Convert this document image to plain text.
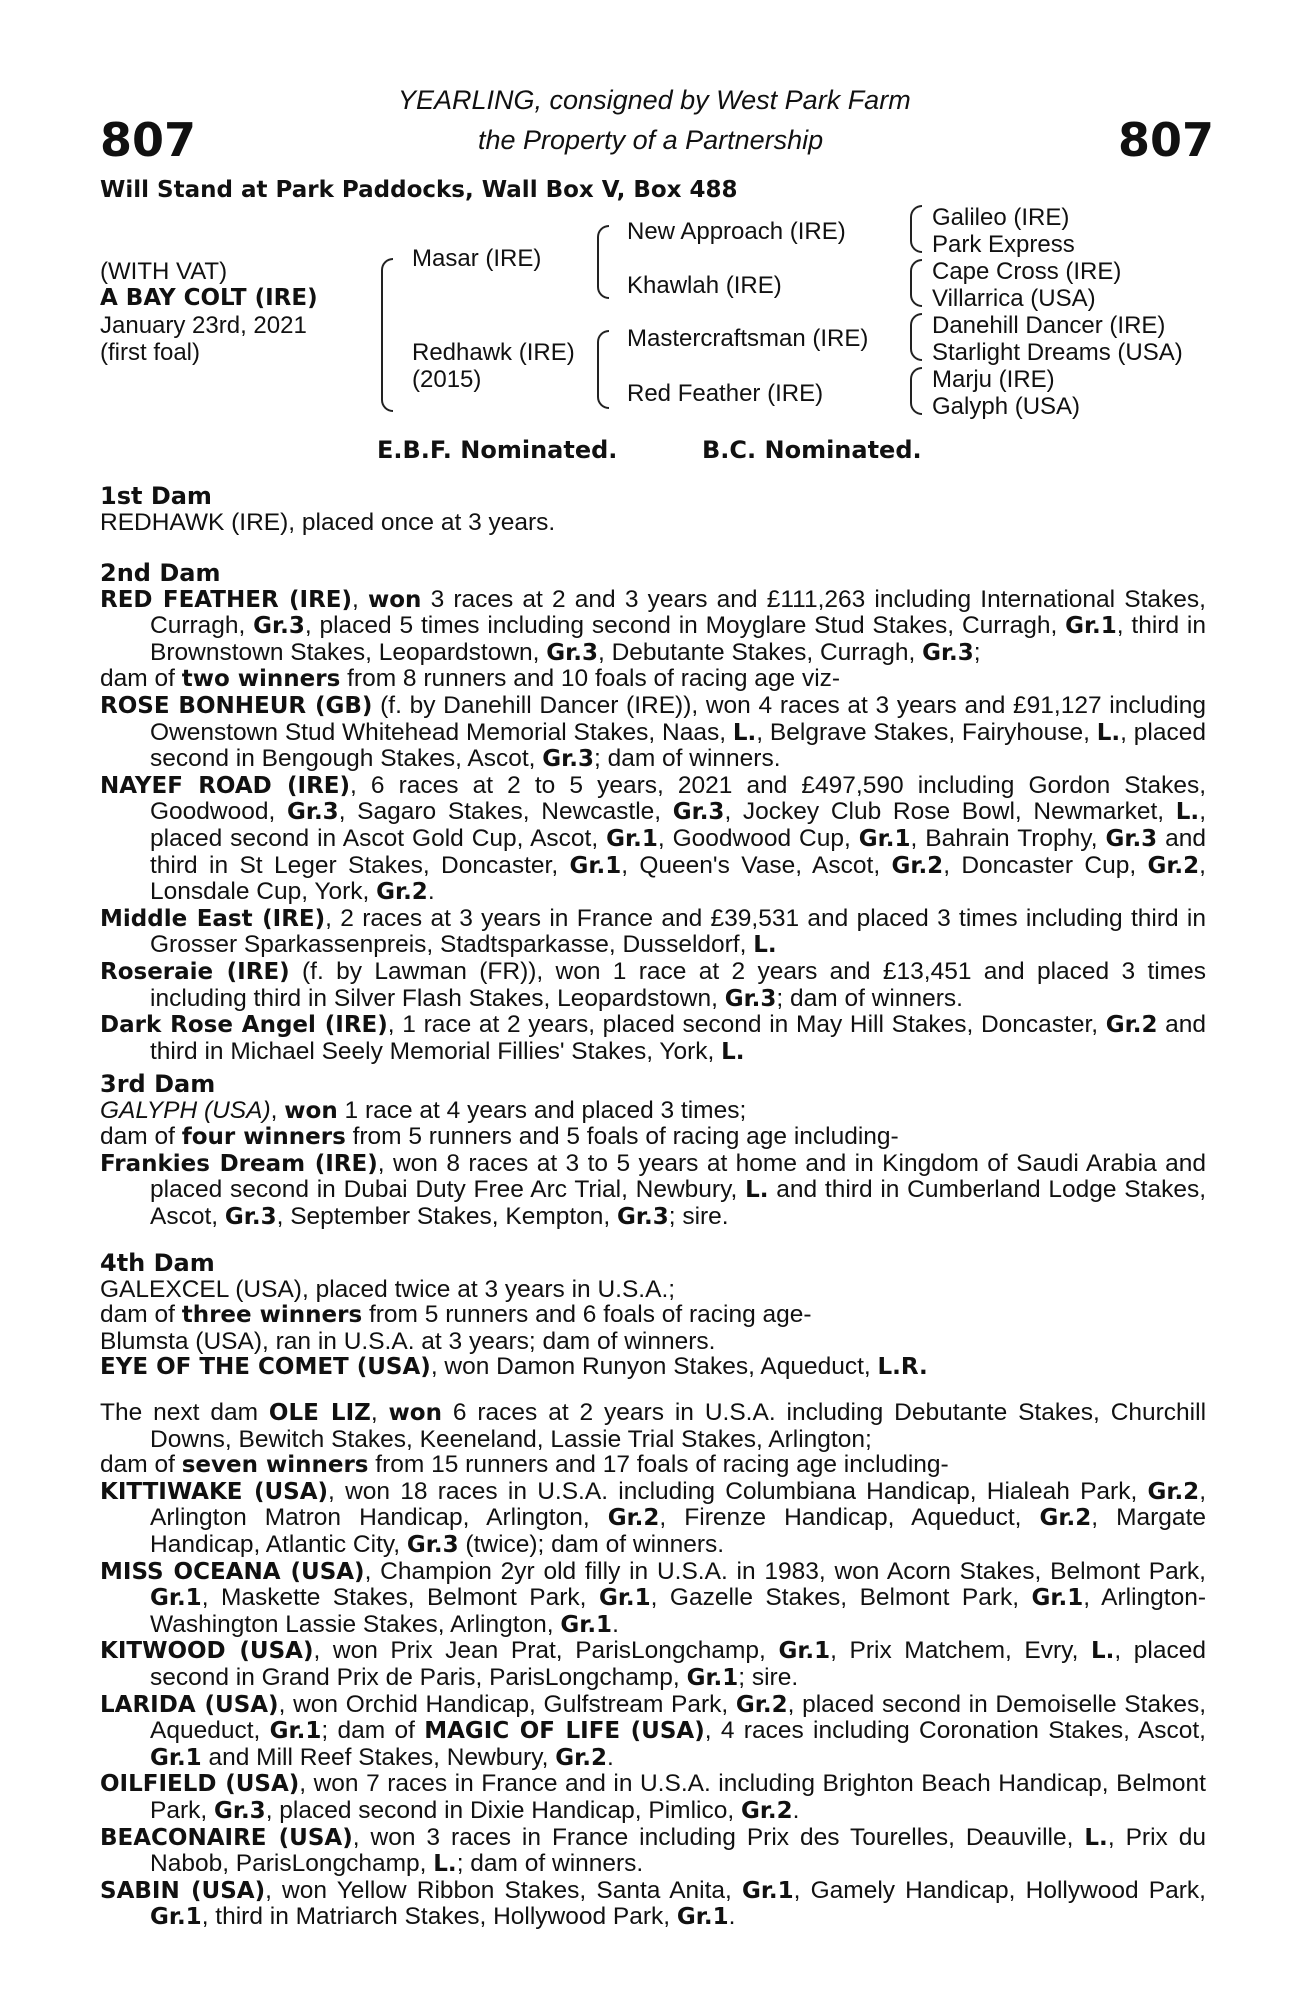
807	807
YEARLING, consigned by West Park Farm
the Property of a Partnership
Will Stand at Park Paddocks, Wall Box V, Box 488
(WITH VAT)
A BAY COLT (IRE)
January 23rd, 2021
(first foal)
Masar (IRE)
Redhawk (IRE)
(2015)
New Approach (IRE)
Khawlah (IRE)
Mastercraftsman (IRE)
Red Feather (IRE)
Galileo (IRE)
Park Express
Cape Cross (IRE)
Villarrica (USA)
Danehill Dancer (IRE)
Starlight Dreams (USA)
Marju (IRE)
Galyph (USA)
E.B.F. Nominated.	B.C. Nominated.

1st Dam

REDHAWK (IRE), placed once at 3 years.

2nd Dam

RED FEATHER (IRE), won 3 races at 2 and 3 years and £111,263 including International Stakes, Curragh, Gr.3, placed 5 times including second in Moyglare Stud Stakes, Curragh, Gr.1, third in Brownstown Stakes, Leopardstown, Gr.3, Debutante Stakes, Curragh, Gr.3;

dam of two winners from 8 runners and 10 foals of racing age viz-

ROSE BONHEUR (GB) (f. by Danehill Dancer (IRE)), won 4 races at 3 years and £91,127 including Owenstown Stud Whitehead Memorial Stakes, Naas, L., Belgrave Stakes, Fairyhouse, L., placed second in Bengough Stakes, Ascot, Gr.3; dam of winners.

NAYEF ROAD (IRE), 6 races at 2 to 5 years, 2021 and £497,590 including Gordon Stakes, Goodwood, Gr.3, Sagaro Stakes, Newcastle, Gr.3, Jockey Club Rose Bowl, Newmarket, L., placed second in Ascot Gold Cup, Ascot, Gr.1, Goodwood Cup, Gr.1, Bahrain Trophy, Gr.3 and third in St Leger Stakes, Doncaster, Gr.1, Queen's Vase, Ascot, Gr.2, Doncaster Cup, Gr.2, Lonsdale Cup, York, Gr.2.

Middle East (IRE), 2 races at 3 years in France and £39,531 and placed 3 times including third in Grosser Sparkassenpreis, Stadtsparkasse, Dusseldorf, L.

Roseraie (IRE) (f. by Lawman (FR)), won 1 race at 2 years and £13,451 and placed 3 times including third in Silver Flash Stakes, Leopardstown, Gr.3; dam of winners.

Dark Rose Angel (IRE), 1 race at 2 years, placed second in May Hill Stakes, Doncaster, Gr.2 and third in Michael Seely Memorial Fillies' Stakes, York, L.

3rd Dam

GALYPH (USA), won 1 race at 4 years and placed 3 times;

dam of four winners from 5 runners and 5 foals of racing age including-

Frankies Dream (IRE), won 8 races at 3 to 5 years at home and in Kingdom of Saudi Arabia and placed second in Dubai Duty Free Arc Trial, Newbury, L. and third in Cumberland Lodge Stakes, Ascot, Gr.3, September Stakes, Kempton, Gr.3; sire.

4th Dam

GALEXCEL (USA), placed twice at 3 years in U.S.A.;

dam of three winners from 5 runners and 6 foals of racing age-

Blumsta (USA), ran in U.S.A. at 3 years; dam of winners.

EYE OF THE COMET (USA), won Damon Runyon Stakes, Aqueduct, L.R.

The next dam OLE LIZ, won 6 races at 2 years in U.S.A. including Debutante Stakes, Churchill Downs, Bewitch Stakes, Keeneland, Lassie Trial Stakes, Arlington;

dam of seven winners from 15 runners and 17 foals of racing age including-

KITTIWAKE (USA), won 18 races in U.S.A. including Columbiana Handicap, Hialeah Park, Gr.2, Arlington Matron Handicap, Arlington, Gr.2, Firenze Handicap, Aqueduct, Gr.2, Margate Handicap, Atlantic City, Gr.3 (twice); dam of winners.

MISS OCEANA (USA), Champion 2yr old filly in U.S.A. in 1983, won Acorn Stakes, Belmont Park, Gr.1, Maskette Stakes, Belmont Park, Gr.1, Gazelle Stakes, Belmont Park, Gr.1, Arlington-Washington Lassie Stakes, Arlington, Gr.1.

KITWOOD (USA), won Prix Jean Prat, ParisLongchamp, Gr.1, Prix Matchem, Evry, L., placed second in Grand Prix de Paris, ParisLongchamp, Gr.1; sire.

LARIDA (USA), won Orchid Handicap, Gulfstream Park, Gr.2, placed second in Demoiselle Stakes, Aqueduct, Gr.1; dam of MAGIC OF LIFE (USA), 4 races including Coronation Stakes, Ascot, Gr.1 and Mill Reef Stakes, Newbury, Gr.2.

OILFIELD (USA), won 7 races in France and in U.S.A. including Brighton Beach Handicap, Belmont Park, Gr.3, placed second in Dixie Handicap, Pimlico, Gr.2.

BEACONAIRE (USA), won 3 races in France including Prix des Tourelles, Deauville, L., Prix du Nabob, ParisLongchamp, L.; dam of winners.

SABIN (USA), won Yellow Ribbon Stakes, Santa Anita, Gr.1, Gamely Handicap, Hollywood Park, Gr.1, third in Matriarch Stakes, Hollywood Park, Gr.1.
